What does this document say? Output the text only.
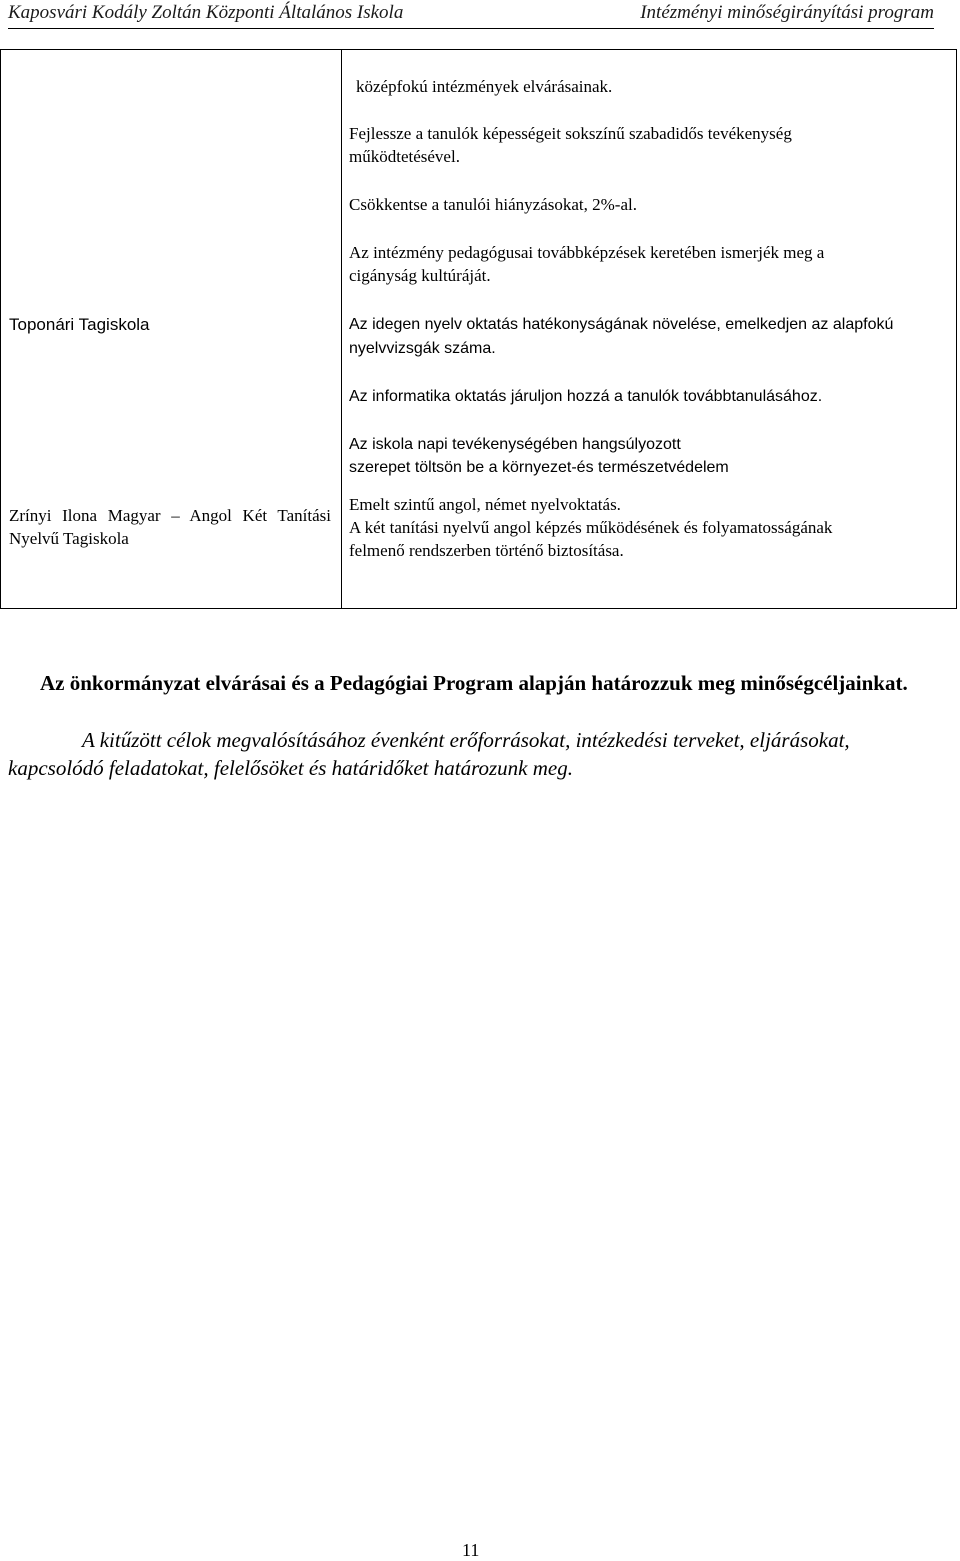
Kaposvári Kodály Zoltán Központi Általános Iskola	Intézményi minőségirányítási program
középfokú intézmények elvárásainak.
Fejlessze a tanulók képességeit sokszínű szabadidős tevékenység
működtetésével.
Csökkentse a tanulói hiányzásokat, 2%-al.
Az intézmény pedagógusai továbbképzések keretében ismerjék meg a
cigányság kultúráját.
Toponári Tagiskola	Az idegen nyelv oktatás hatékonyságának növelése, emelkedjen az alapfokú
nyelvvizsgák száma.
Az informatika oktatás járuljon hozzá a tanulók továbbtanulásához.
Az iskola napi tevékenységében hangsúlyozott
szerepet töltsön be a környezet-és természetvédelem
Zrínyi Ilona Magyar – Angol Két Tanítási Nyelvű Tagiskola
Emelt szintű angol, német nyelvoktatás.
A két tanítási nyelvű angol képzés működésének és folyamatosságának
felmenő rendszerben történő biztosítása.

Az önkormányzat elvárásai és a Pedagógiai Program alapján határozzuk meg minőségcéljainkat.

A kitűzött célok megvalósításához évenként erőforrásokat, intézkedési terveket, eljárásokat, kapcsolódó feladatokat, felelősöket és határidőket határozunk meg.

11
